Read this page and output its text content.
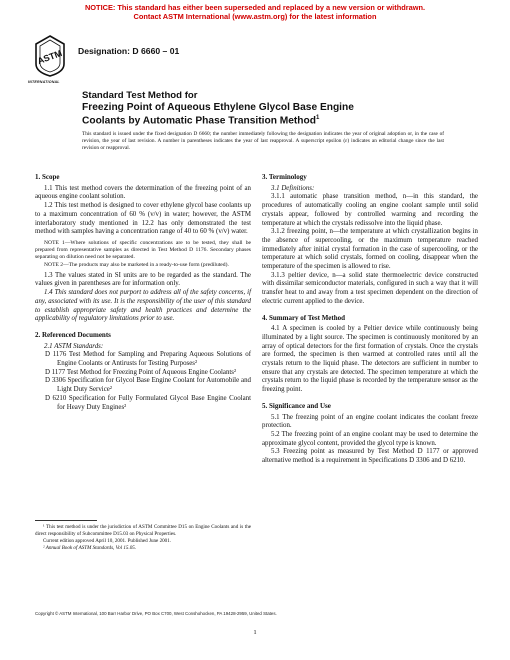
NOTICE: This standard has either been superseded and replaced by a new version or withdrawn.
Contact ASTM International (www.astm.org) for the latest information
ASTM
INTERNATIONAL
Designation: D 6660 – 01
Standard Test Method for
Freezing Point of Aqueous Ethylene Glycol Base Engine
Coolants by Automatic Phase Transition Method$^1$
This standard is issued under the fixed designation D 6660; the number immediately following the designation indicates the year of original adoption or, in the case of revision, the year of last revision. A number in parentheses indicates the year of last reapproval. A superscript epsilon (ε) indicates an editorial change since the last revision or reapproval.
1. Scope

1.1 This test method covers the determination of the freezing point of an aqueous engine coolant solution.

1.2 This test method is designed to cover ethylene glycol base coolants up to a maximum concentration of 60 % (v/v) in water; however, the ASTM interlaboratory study mentioned in 12.2 has only demonstrated the test method with samples having a concentration range of 40 to 60 % (v/v) water.

NOTE 1—Where solutions of specific concentrations are to be tested, they shall be prepared from representative samples as directed in Test Method D 1176. Secondary phases separating on dilution need not be separated.

NOTE 2—The products may also be marketed in a ready-to-use form (prediluted).

1.3 The values stated in SI units are to be regarded as the standard. The values given in parentheses are for information only.

1.4 This standard does not purport to address all of the safety concerns, if any, associated with its use. It is the responsibility of the user of this standard to establish appropriate safety and health practices and determine the applicability of regulatory limitations prior to use.

2. Referenced Documents

2.1 ASTM Standards:

D 1176 Test Method for Sampling and Preparing Aqueous Solutions of Engine Coolants or Antirusts for Testing Purposes²

D 1177 Test Method for Freezing Point of Aqueous Engine Coolants²

D 3306 Specification for Glycol Base Engine Coolant for Automobile and Light Duty Service²

D 6210 Specification for Fully Formulated Glycol Base Engine Coolant for Heavy Duty Engines²

¹ This test method is under the jurisdiction of ASTM Committee D15 on Engine Coolants and is the direct responsibility of Subcommittee D15.03 on Physical Properties.

Current edition approved April 10, 2001. Published June 2001.

² Annual Book of ASTM Standards, Vol 15.05.

3. Terminology

3.1 Definitions:

3.1.1 automatic phase transition method, n—in this standard, the procedures of automatically cooling an engine coolant sample until solid crystals appear, followed by controlled warming and recording the temperature at which the crystals redissolve into the liquid phase.

3.1.2 freezing point, n—the temperature at which crystallization begins in the absence of supercooling, or the maximum temperature reached immediately after initial crystal formation in the case of supercooling, or the temperature at which solid crystals, formed on cooling, disappear when the temperature of the specimen is allowed to rise.

3.1.3 peltier device, n—a solid state thermoelectric device constructed with dissimilar semiconductor materials, configured in such a way that it will transfer heat to and away from a test specimen dependent on the direction of electric current applied to the device.

4. Summary of Test Method

4.1 A specimen is cooled by a Peltier device while continuously being illuminated by a light source. The specimen is continuously monitored by an array of optical detectors for the first formation of crystals. Once the crystals are formed, the specimen is then warmed at controlled rates until all the crystals return to the liquid phase. The detectors are sufficient in number to ensure that any crystals are detected. The specimen temperature at which the crystals return to the liquid phase is recorded by the temperature sensor as the freezing point.

5. Significance and Use

5.1 The freezing point of an engine coolant indicates the coolant freeze protection.

5.2 The freezing point of an engine coolant may be used to determine the approximate glycol content, provided the glycol type is known.

5.3 Freezing point as measured by Test Method D 1177 or approved alternative method is a requirement in Specifications D 3306 and D 6210.

Copyright © ASTM International, 100 Barr Harbor Drive, PO Box C700, West Conshohocken, PA 19428-2959, United States.
1
